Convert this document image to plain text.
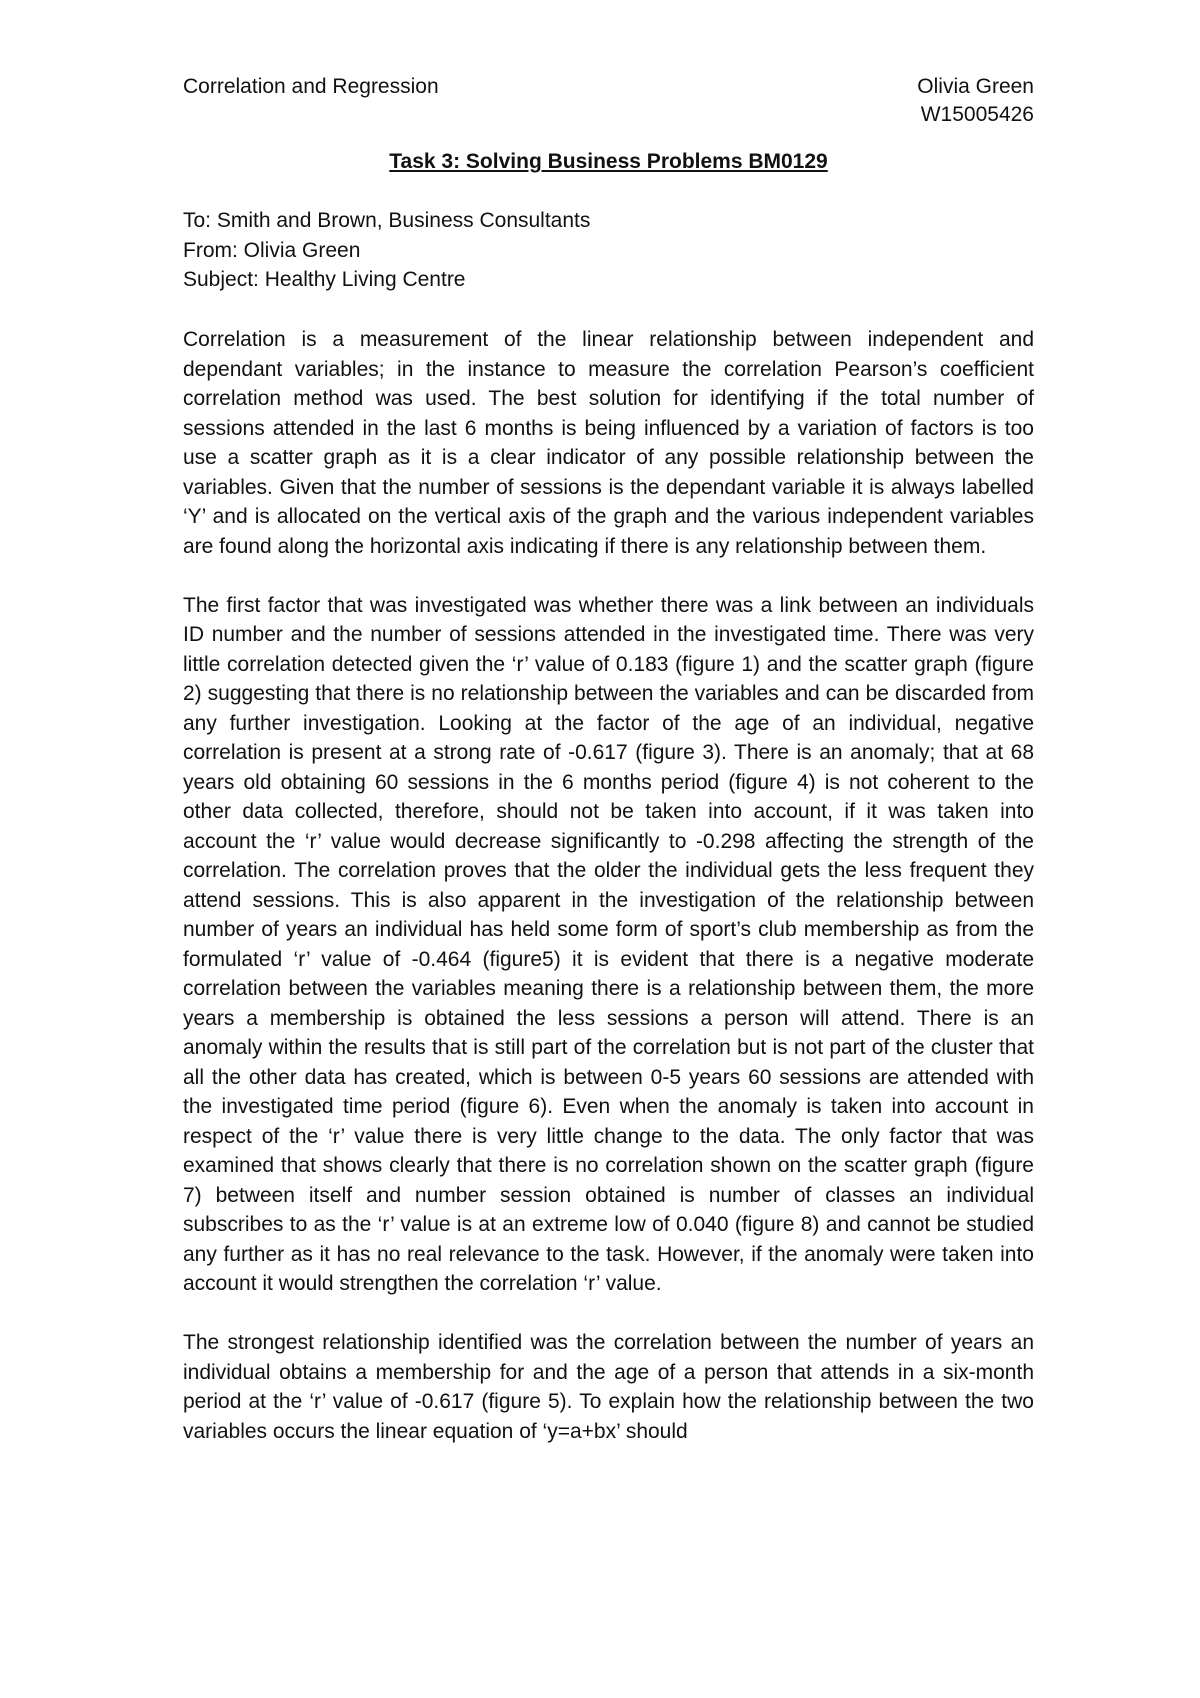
Correlation and Regression	Olivia Green
W15005426
Task 3: Solving Business Problems BM0129
To: Smith and Brown, Business Consultants
From: Olivia Green
Subject: Healthy Living Centre

Correlation is a measurement of the linear relationship between independent and dependant variables; in the instance to measure the correlation Pearson’s coefficient correlation method was used. The best solution for identifying if the total number of sessions attended in the last 6 months is being influenced by a variation of factors is too use a scatter graph as it is a clear indicator of any possible relationship between the variables. Given that the number of sessions is the dependant variable it is always labelled ‘Y’ and is allocated on the vertical axis of the graph and the various independent variables are found along the horizontal axis indicating if there is any relationship between them.

The first factor that was investigated was whether there was a link between an individuals ID number and the number of sessions attended in the investigated time. There was very little correlation detected given the ‘r’ value of 0.183 (figure 1) and the scatter graph (figure 2) suggesting that there is no relationship between the variables and can be discarded from any further investigation. Looking at the factor of the age of an individual, negative correlation is present at a strong rate of -0.617 (figure 3). There is an anomaly; that at 68 years old obtaining 60 sessions in the 6 months period (figure 4) is not coherent to the other data collected, therefore, should not be taken into account, if it was taken into account the ‘r’ value would decrease significantly to -0.298 affecting the strength of the correlation. The correlation proves that the older the individual gets the less frequent they attend sessions. This is also apparent in the investigation of the relationship between number of years an individual has held some form of sport’s club membership as from the formulated ‘r’ value of -0.464 (figure5) it is evident that there is a negative moderate correlation between the variables meaning there is a relationship between them, the more years a membership is obtained the less sessions a person will attend. There is an anomaly within the results that is still part of the correlation but is not part of the cluster that all the other data has created, which is between 0-5 years 60 sessions are attended with the investigated time period (figure 6). Even when the anomaly is taken into account in respect of the ‘r’ value there is very little change to the data. The only factor that was examined that shows clearly that there is no correlation shown on the scatter graph (figure 7) between itself and number session obtained is number of classes an individual subscribes to as the ‘r’ value is at an extreme low of 0.040 (figure 8) and cannot be studied any further as it has no real relevance to the task. However, if the anomaly were taken into account it would strengthen the correlation ‘r’ value.

The strongest relationship identified was the correlation between the number of years an individual obtains a membership for and the age of a person that attends in a six-month period at the ‘r’ value of -0.617 (figure 5). To explain how the relationship between the two variables occurs the linear equation of ‘y=a+bx’ should
